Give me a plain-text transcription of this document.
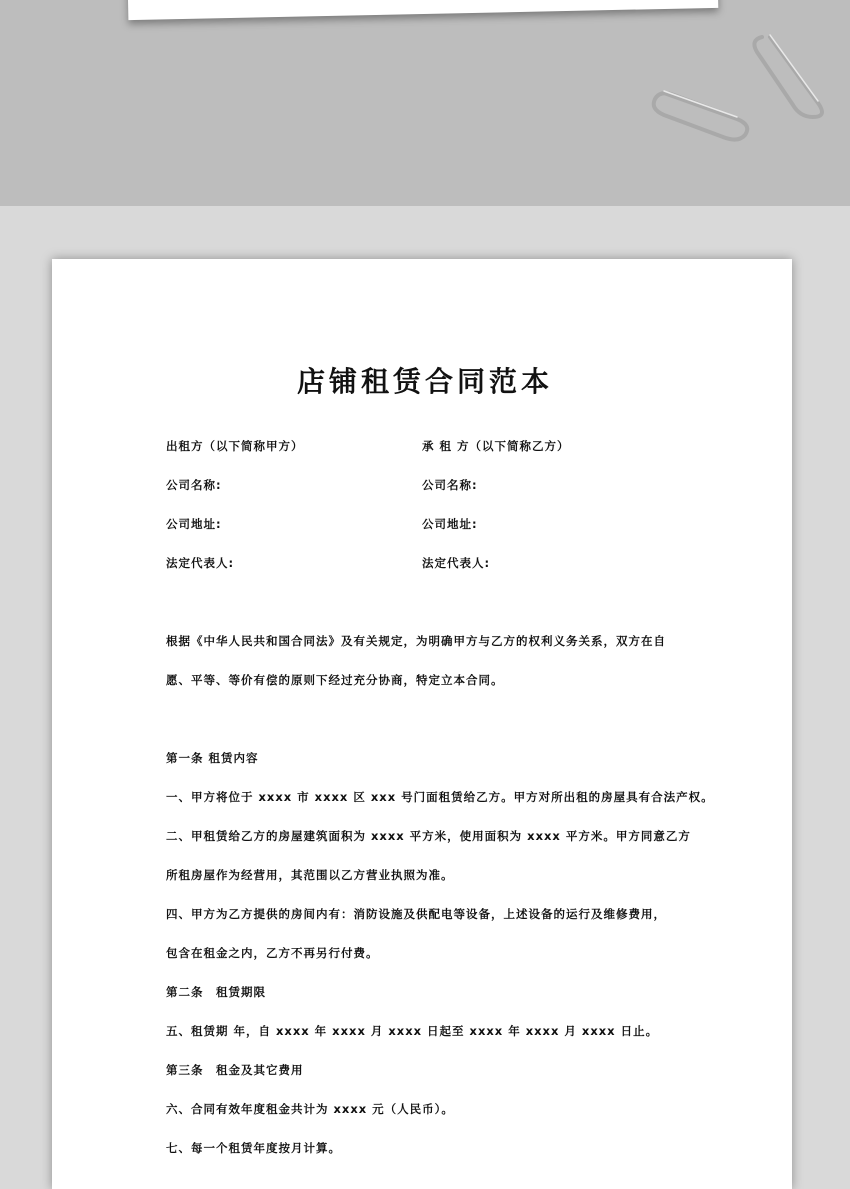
店铺租赁合同范本
出租方（以下简称甲方）
公司名称:
公司地址:
法定代表人:
承 租 方（以下简称乙方）
公司名称:
公司地址:
法定代表人:
根据《中华人民共和国合同法》及有关规定，为明确甲方与乙方的权利义务关系，双方在自
愿、平等、等价有偿的原则下经过充分协商，特定立本合同。
第一条 租赁内容
一、甲方将位于 xxxx 市 xxxx 区 xxx 号门面租赁给乙方。甲方对所出租的房屋具有合法产权。
二、甲租赁给乙方的房屋建筑面积为 xxxx 平方米，使用面积为 xxxx 平方米。甲方同意乙方
所租房屋作为经营用，其范围以乙方营业执照为准。
四、甲方为乙方提供的房间内有：消防设施及供配电等设备，上述设备的运行及维修费用，
包含在租金之内，乙方不再另行付费。
第二条　租赁期限
五、租赁期 年，自 xxxx 年 xxxx 月 xxxx 日起至 xxxx 年 xxxx 月 xxxx 日止。
第三条　租金及其它费用
六、合同有效年度租金共计为 xxxx 元（人民币）。
七、每一个租赁年度按月计算。
